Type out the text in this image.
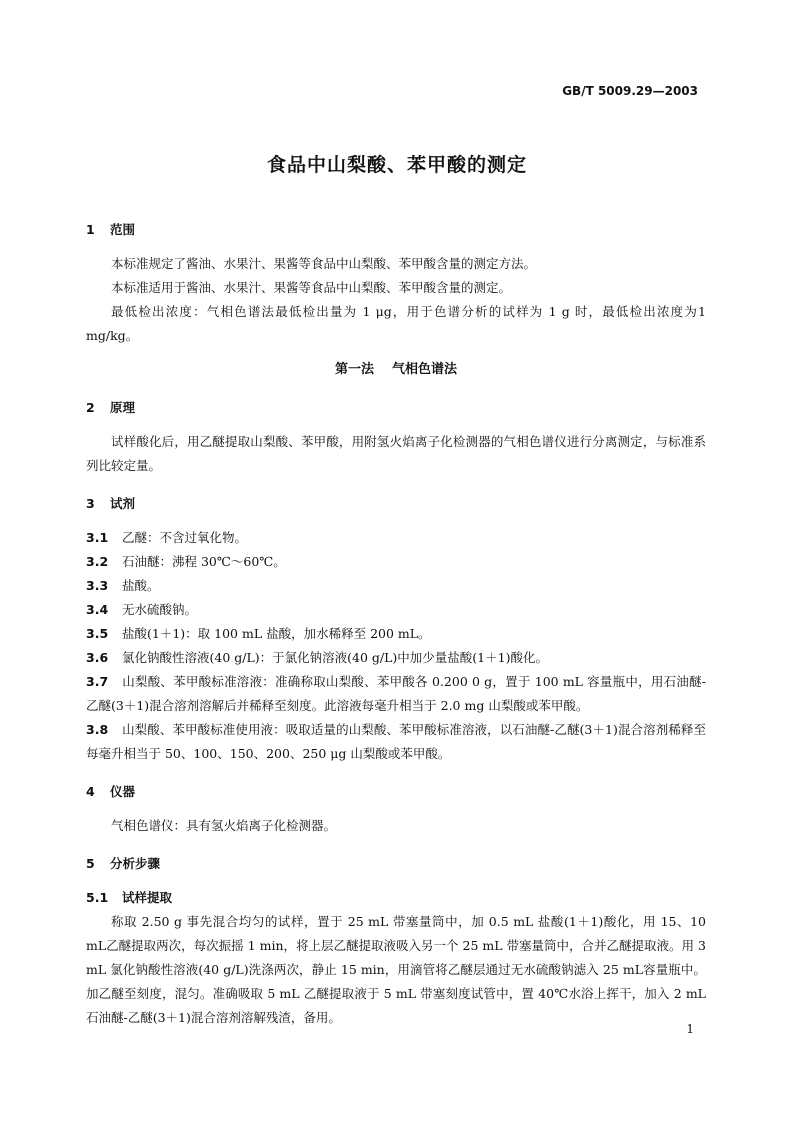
GB/T 5009.29—2003
食品中山梨酸、苯甲酸的测定
1 范围

本标准规定了酱油、水果汁、果酱等食品中山梨酸、苯甲酸含量的测定方法。

本标准适用于酱油、水果汁、果酱等食品中山梨酸、苯甲酸含量的测定。

最低检出浓度：气相色谱法最低检出量为 1 μg，用于色谱分析的试样为 1 g 时，最低检出浓度为1 mg/kg。

第一法 气相色谱法
2 原理

试样酸化后，用乙醚提取山梨酸、苯甲酸，用附氢火焰离子化检测器的气相色谱仪进行分离测定，与标准系列比较定量。

3 试剂

3.1 乙醚：不含过氧化物。

3.2 石油醚：沸程 30℃～60℃。

3.3 盐酸。

3.4 无水硫酸钠。

3.5 盐酸(1＋1)：取 100 mL 盐酸，加水稀释至 200 mL。

3.6 氯化钠酸性溶液(40 g/L)：于氯化钠溶液(40 g/L)中加少量盐酸(1＋1)酸化。

3.7 山梨酸、苯甲酸标准溶液：准确称取山梨酸、苯甲酸各 0.200 0 g，置于 100 mL 容量瓶中，用石油醚-乙醚(3＋1)混合溶剂溶解后并稀释至刻度。此溶液每毫升相当于 2.0 mg 山梨酸或苯甲酸。

3.8 山梨酸、苯甲酸标准使用液：吸取适量的山梨酸、苯甲酸标准溶液，以石油醚-乙醚(3＋1)混合溶剂稀释至每毫升相当于 50、100、150、200、250 μg 山梨酸或苯甲酸。

4 仪器

气相色谱仪：具有氢火焰离子化检测器。

5 分析步骤
5.1 试样提取

称取 2.50 g 事先混合均匀的试样，置于 25 mL 带塞量筒中，加 0.5 mL 盐酸(1＋1)酸化，用 15、10 mL乙醚提取两次，每次振摇 1 min，将上层乙醚提取液吸入另一个 25 mL 带塞量筒中，合并乙醚提取液。用 3 mL 氯化钠酸性溶液(40 g/L)洗涤两次，静止 15 min，用滴管将乙醚层通过无水硫酸钠滤入 25 mL容量瓶中。加乙醚至刻度，混匀。准确吸取 5 mL 乙醚提取液于 5 mL 带塞刻度试管中，置 40℃水浴上挥干，加入 2 mL 石油醚-乙醚(3＋1)混合溶剂溶解残渣，备用。

1
